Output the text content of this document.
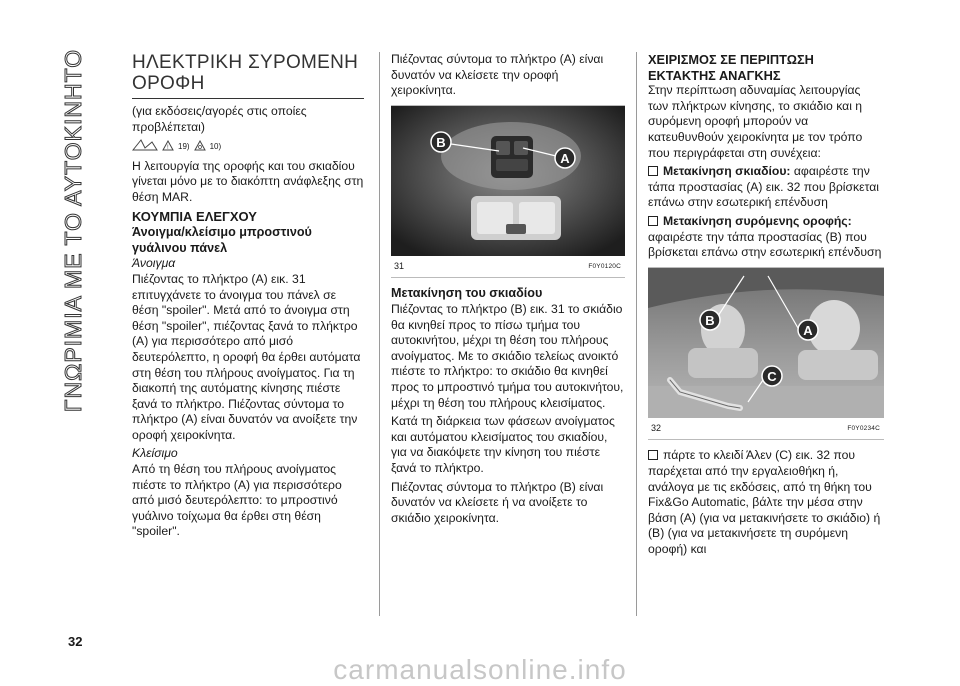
ΓΝΩΡΙΜΙΑ ΜΕ ΤΟ ΑΥΤΟΚΙΝΗΤΟ ΗΛΕΚΤΡΙΚΗ ΣΥΡΟΜΕΝΗ ΟΡΟΦΗ

(για εκδόσεις/αγορές στις οποίες προβλέπεται)

! 19)	10)

Η λειτουργία της οροφής και του σκιαδίου γίνεται μόνο με το διακόπτη ανάφλεξης στη θέση MAR.

ΚΟΥΜΠΙΑ ΕΛΕΓΧΟΥ
Άνοιγμα/κλείσιμο μπροστινού γυάλινου πάνελ

Άνοιγμα

Πιέζοντας το πλήκτρο (A) εικ. 31 επιτυγχάνετε το άνοιγμα του πάνελ σε θέση "spoiler". Μετά από το άνοιγμα στη θέση "spoiler", πιέζοντας ξανά το πλήκτρο (A) για περισσότερο από μισό δευτερόλεπτο, η οροφή θα έρθει αυτόματα στη θέση του πλήρους ανοίγματος. Για τη διακοπή της αυτόματης κίνησης πιέστε ξανά το πλήκτρο. Πιέζοντας σύντομα το πλήκτρο (A) είναι δυνατόν να ανοίξετε την οροφή χειροκίνητα.

Κλείσιμο

Από τη θέση του πλήρους ανοίγματος πιέστε το πλήκτρο (A) για περισσότερο από μισό δευτερόλεπτο: το μπροστινό γυάλινο τοίχωμα θα έρθει στη θέση "spoiler".

Πιέζοντας σύντομα το πλήκτρο (A) είναι δυνατόν να κλείσετε την οροφή χειροκίνητα.

B
A
31	F0Y0120C
Μετακίνηση του σκιαδίου

Πιέζοντας το πλήκτρο (B) εικ. 31 το σκιάδιο θα κινηθεί προς το πίσω τμήμα του αυτοκινήτου, μέχρι τη θέση του πλήρους ανοίγματος. Με το σκιάδιο τελείως ανοικτό πιέστε το πλήκτρο: το σκιάδιο θα κινηθεί προς το μπροστινό τμήμα του αυτοκινήτου, μέχρι τη θέση του πλήρους κλεισίματος.

Κατά τη διάρκεια των φάσεων ανοίγματος και αυτόματου κλεισίματος του σκιαδίου, για να διακόψετε την κίνηση του πιέστε ξανά το πλήκτρο.

Πιέζοντας σύντομα το πλήκτρο (B) είναι δυνατόν να κλείσετε ή να ανοίξετε το σκιάδιο χειροκίνητα.

ΧΕΙΡΙΣΜΟΣ ΣΕ ΠΕΡΙΠΤΩΣΗ ΕΚΤΑΚΤΗΣ ΑΝΑΓΚΗΣ

Στην περίπτωση αδυναμίας λειτουργίας των πλήκτρων κίνησης, το σκιάδιο και η συρόμενη οροφή μπορούν να κατευθυνθούν χειροκίνητα με τον τρόπο που περιγράφεται στη συνέχεια:

Μετακίνηση σκιαδίου: αφαιρέστε την τάπα προστασίας (A) εικ. 32 που βρίσκεται επάνω στην εσωτερική επένδυση

Μετακίνηση συρόμενης οροφής: αφαιρέστε την τάπα προστασίας (B) που βρίσκεται επάνω στην εσωτερική επένδυση

B
A
C
32	F0Y0234C

πάρτε το κλειδί Άλεν (C) εικ. 32 που παρέχεται από την εργαλειοθήκη ή, ανάλογα με τις εκδόσεις, από τη θήκη του Fix&Go Automatic, βάλτε την μέσα στην βάση (A) (για να μετακινήσετε το σκιάδιο) ή (B) (για να μετακινήσετε τη συρόμενη οροφή) και

32
carmanualsonline.info
